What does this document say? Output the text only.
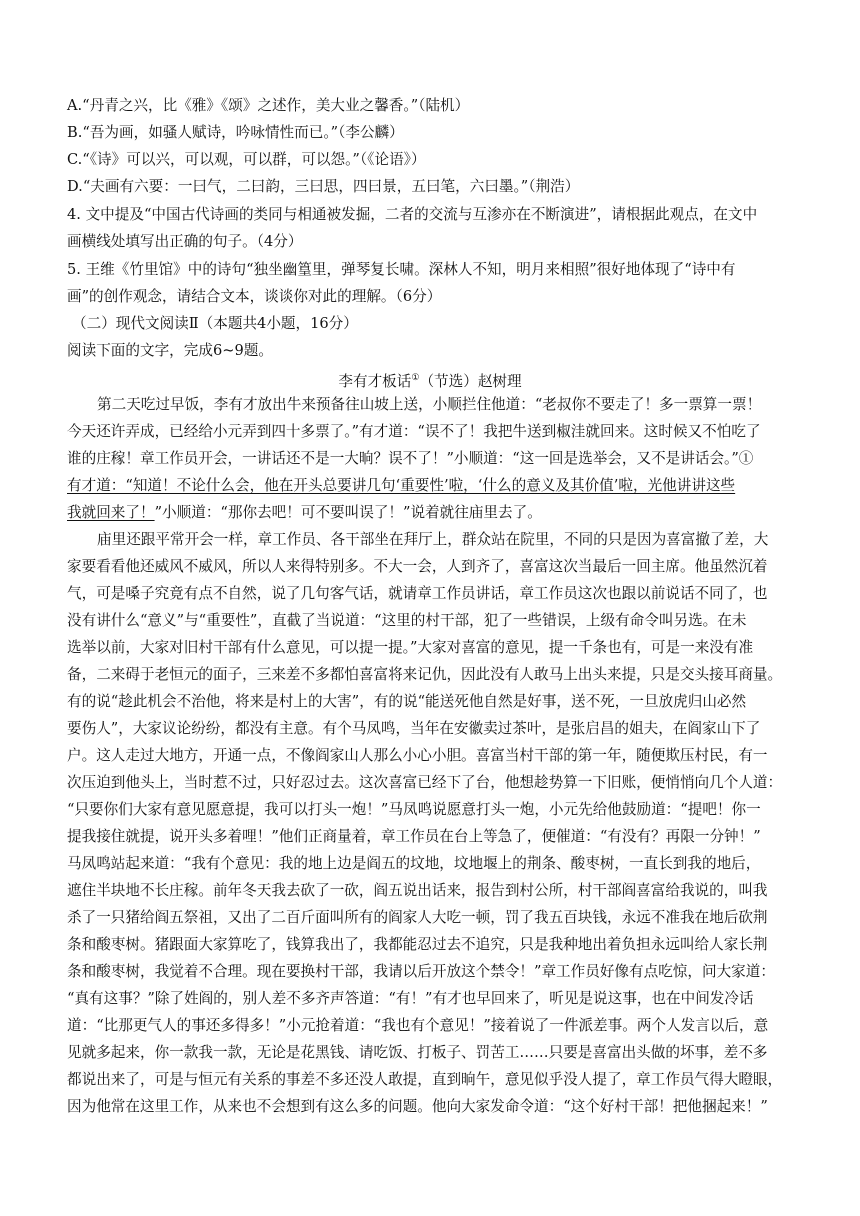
A.“丹青之兴，比《雅》《颂》之述作，美大业之馨香。”（陆机）
B.“吾为画，如骚人赋诗，吟咏情性而已。”（李公麟）
C.“《诗》可以兴，可以观，可以群，可以怨。”（《论语》）
D.“夫画有六要：一曰气，二曰韵，三曰思，四曰景，五曰笔，六曰墨。”（荆浩）
4. 文中提及“中国古代诗画的类同与相通被发掘，二者的交流与互渗亦在不断演进”，请根据此观点，在文中
画横线处填写出正确的句子。（4分）
5. 王维《竹里馆》中的诗句“独坐幽篁里，弹琴复长啸。深林人不知，明月来相照”很好地体现了“诗中有
画”的创作观念，请结合文本，谈谈你对此的理解。（6分）
（二）现代文阅读Ⅱ（本题共4小题，16分）
阅读下面的文字，完成6~9题。
李有才板话①（节选）赵树理
第二天吃过早饭，李有才放出牛来预备往山坡上送，小顺拦住他道：“老叔你不要走了！多一票算一票！
今天还许弄成，已经给小元弄到四十多票了。”有才道：“误不了！我把牛送到椒洼就回来。这时候又不怕吃了
谁的庄稼！章工作员开会，一讲话还不是一大晌？误不了！”小顺道：“这一回是选举会，又不是讲话会。”①
有才道：“知道！不论什么会，他在开头总要讲几句‘重要性’啦，‘什么的意义及其价值’啦，光他讲讲这些
我就回来了！”小顺道：“那你去吧！可不要叫误了！”说着就往庙里去了。
庙里还跟平常开会一样，章工作员、各干部坐在拜厅上，群众站在院里，不同的只是因为喜富撤了差，大
家要看看他还威风不威风，所以人来得特别多。不大一会，人到齐了，喜富这次当最后一回主席。他虽然沉着
气，可是嗓子究竟有点不自然，说了几句客气话，就请章工作员讲话，章工作员这次也跟以前说话不同了，也
没有讲什么“意义”与“重要性”，直截了当说道：“这里的村干部，犯了一些错误，上级有命令叫另选。在未
选举以前，大家对旧村干部有什么意见，可以提一提。”大家对喜富的意见，提一千条也有，可是一来没有准
备，二来碍于老恒元的面子，三来差不多都怕喜富将来记仇，因此没有人敢马上出头来提，只是交头接耳商量。
有的说“趁此机会不治他，将来是村上的大害”，有的说“能送死他自然是好事，送不死，一旦放虎归山必然
要伤人”，大家议论纷纷，都没有主意。有个马凤鸣，当年在安徽卖过茶叶，是张启昌的姐夫，在阎家山下了
户。这人走过大地方，开通一点，不像阎家山人那么小心小胆。喜富当村干部的第一年，随便欺压村民，有一
次压迫到他头上，当时惹不过，只好忍过去。这次喜富已经下了台，他想趁势算一下旧账，便悄悄向几个人道：
“只要你们大家有意见愿意提，我可以打头一炮！”马凤鸣说愿意打头一炮，小元先给他鼓励道：“提吧！你一
提我接住就提，说开头多着哩！”他们正商量着，章工作员在台上等急了，便催道：“有没有？再限一分钟！”
马凤鸣站起来道：“我有个意见：我的地上边是阎五的坟地，坟地堰上的荆条、酸枣树，一直长到我的地后，
遮住半块地不长庄稼。前年冬天我去砍了一砍，阎五说出话来，报告到村公所，村干部阎喜富给我说的，叫我
杀了一只猪给阎五祭祖，又出了二百斤面叫所有的阎家人大吃一顿，罚了我五百块钱，永远不准我在地后砍荆
条和酸枣树。猪跟面大家算吃了，钱算我出了，我都能忍过去不追究，只是我种地出着负担永远叫给人家长荆
条和酸枣树，我觉着不合理。现在要换村干部，我请以后开放这个禁令！”章工作员好像有点吃惊，问大家道：
“真有这事？”除了姓阎的，别人差不多齐声答道：“有！”有才也早回来了，听见是说这事，也在中间发冷话
道：“比那更气人的事还多得多！”小元抢着道：“我也有个意见！”接着说了一件派差事。两个人发言以后，意
见就多起来，你一款我一款，无论是花黑钱、请吃饭、打板子、罚苦工……只要是喜富出头做的坏事，差不多
都说出来了，可是与恒元有关系的事差不多还没人敢提，直到晌午，意见似乎没人提了，章工作员气得大瞪眼，
因为他常在这里工作，从来也不会想到有这么多的问题。他向大家发命令道：“这个好村干部！把他捆起来！”
